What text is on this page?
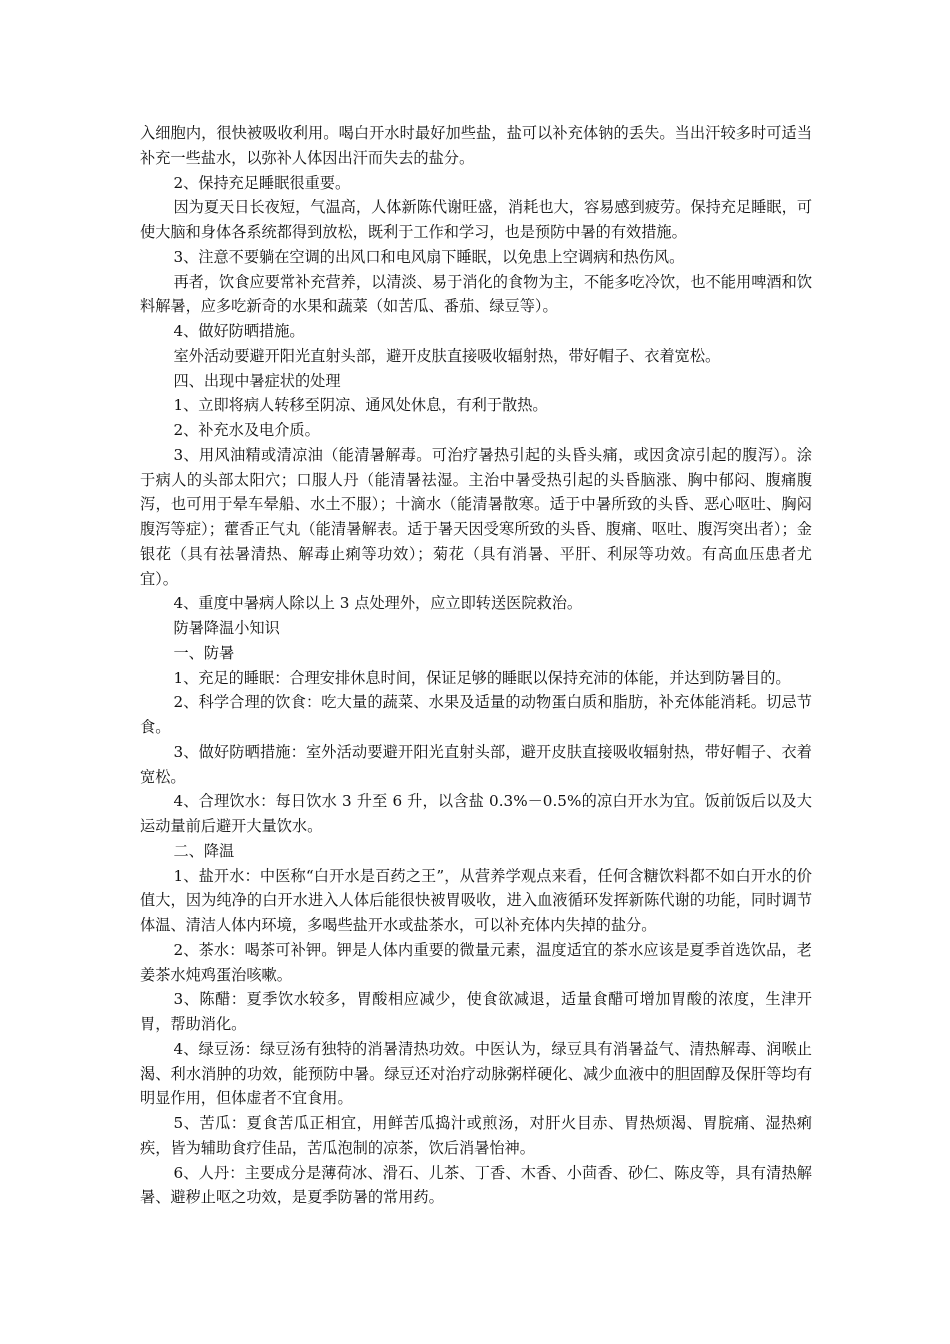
入细胞内，很快被吸收利用。喝白开水时最好加些盐，盐可以补充体钠的丢失。当出汗较多时可适当补充一些盐水，以弥补人体因出汗而失去的盐分。

2、保持充足睡眠很重要。

因为夏天日长夜短，气温高，人体新陈代谢旺盛，消耗也大，容易感到疲劳。保持充足睡眠，可使大脑和身体各系统都得到放松，既利于工作和学习，也是预防中暑的有效措施。

3、注意不要躺在空调的出风口和电风扇下睡眠，以免患上空调病和热伤风。

再者，饮食应要常补充营养，以清淡、易于消化的食物为主，不能多吃冷饮，也不能用啤酒和饮料解暑，应多吃新奇的水果和蔬菜（如苦瓜、番茄、绿豆等）。

4、做好防晒措施。

室外活动要避开阳光直射头部，避开皮肤直接吸收辐射热，带好帽子、衣着宽松。

四、出现中暑症状的处理

1、立即将病人转移至阴凉、通风处休息，有利于散热。

2、补充水及电介质。

3、用风油精或清凉油（能清暑解毒。可治疗暑热引起的头昏头痛，或因贪凉引起的腹泻）。涂于病人的头部太阳穴；口服人丹（能清暑祛湿。主治中暑受热引起的头昏脑涨、胸中郁闷、腹痛腹泻，也可用于晕车晕船、水土不服）；十滴水（能清暑散寒。适于中暑所致的头昏、恶心呕吐、胸闷腹泻等症）；藿香正气丸（能清暑解表。适于暑天因受寒所致的头昏、腹痛、呕吐、腹泻突出者）；金银花（具有祛暑清热、解毒止痢等功效）；菊花（具有消暑、平肝、利尿等功效。有高血压患者尤宜）。

4、重度中暑病人除以上 3 点处理外，应立即转送医院救治。

防暑降温小知识

一、防暑

1、充足的睡眠：合理安排休息时间，保证足够的睡眠以保持充沛的体能，并达到防暑目的。

2、科学合理的饮食：吃大量的蔬菜、水果及适量的动物蛋白质和脂肪，补充体能消耗。切忌节食。

3、做好防晒措施：室外活动要避开阳光直射头部，避开皮肤直接吸收辐射热，带好帽子、衣着宽松。

4、合理饮水：每日饮水 3 升至 6 升，以含盐 0.3%－0.5%的凉白开水为宜。饭前饭后以及大运动量前后避开大量饮水。

二、降温

1、盐开水：中医称“白开水是百药之王”，从营养学观点来看，任何含糖饮料都不如白开水的价值大，因为纯净的白开水进入人体后能很快被胃吸收，进入血液循环发挥新陈代谢的功能，同时调节体温、清洁人体内环境，多喝些盐开水或盐茶水，可以补充体内失掉的盐分。

2、茶水：喝茶可补钾。钾是人体内重要的微量元素，温度适宜的茶水应该是夏季首选饮品，老姜茶水炖鸡蛋治咳嗽。

3、陈醋：夏季饮水较多，胃酸相应减少，使食欲减退，适量食醋可增加胃酸的浓度，生津开胃，帮助消化。

4、绿豆汤：绿豆汤有独特的消暑清热功效。中医认为，绿豆具有消暑益气、清热解毒、润喉止渴、利水消肿的功效，能预防中暑。绿豆还对治疗动脉粥样硬化、减少血液中的胆固醇及保肝等均有明显作用，但体虚者不宜食用。

5、苦瓜：夏食苦瓜正相宜，用鲜苦瓜捣汁或煎汤，对肝火目赤、胃热烦渴、胃脘痛、湿热痢疾，皆为辅助食疗佳品，苦瓜泡制的凉茶，饮后消暑怡神。

6、人丹：主要成分是薄荷冰、滑石、儿茶、丁香、木香、小茴香、砂仁、陈皮等，具有清热解暑、避秽止呕之功效，是夏季防暑的常用药。
